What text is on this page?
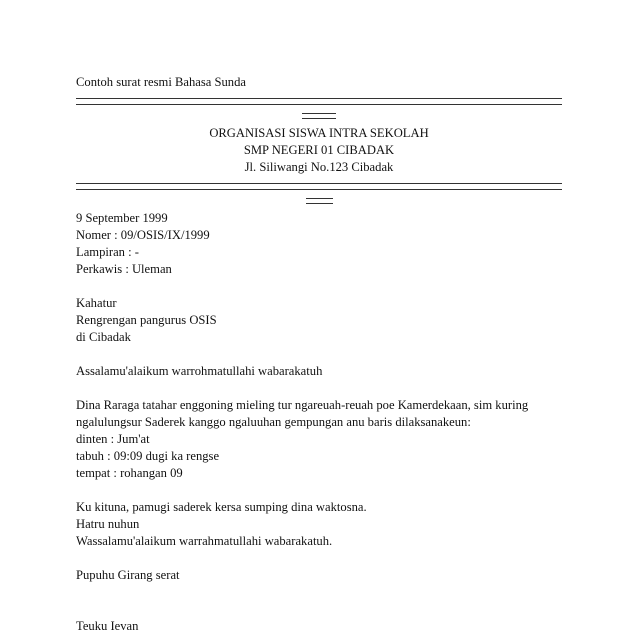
Contoh surat resmi Bahasa Sunda
ORGANISASI SISWA INTRA SEKOLAH
SMP NEGERI 01 CIBADAK
Jl. Siliwangi No.123 Cibadak
9 September 1999
Nomer : 09/OSIS/IX/1999
Lampiran : -
Perkawis : Uleman
Kahatur
Rengrengan pangurus OSIS
di Cibadak
Assalamu'alaikum warrohmatullahi wabarakatuh
Dina Raraga tatahar enggoning mieling tur ngareuah-reuah poe Kamerdekaan, sim kuring
ngalulungsur Saderek kanggo ngaluuhan gempungan anu baris dilaksanakeun:
dinten : Jum'at
tabuh : 09:09 dugi ka rengse
tempat : rohangan 09
Ku kituna, pamugi saderek kersa sumping dina waktosna.
Hatru nuhun
Wassalamu'alaikum warrahmatullahi wabarakatuh.
Pupuhu Girang serat
Teuku Ievan
